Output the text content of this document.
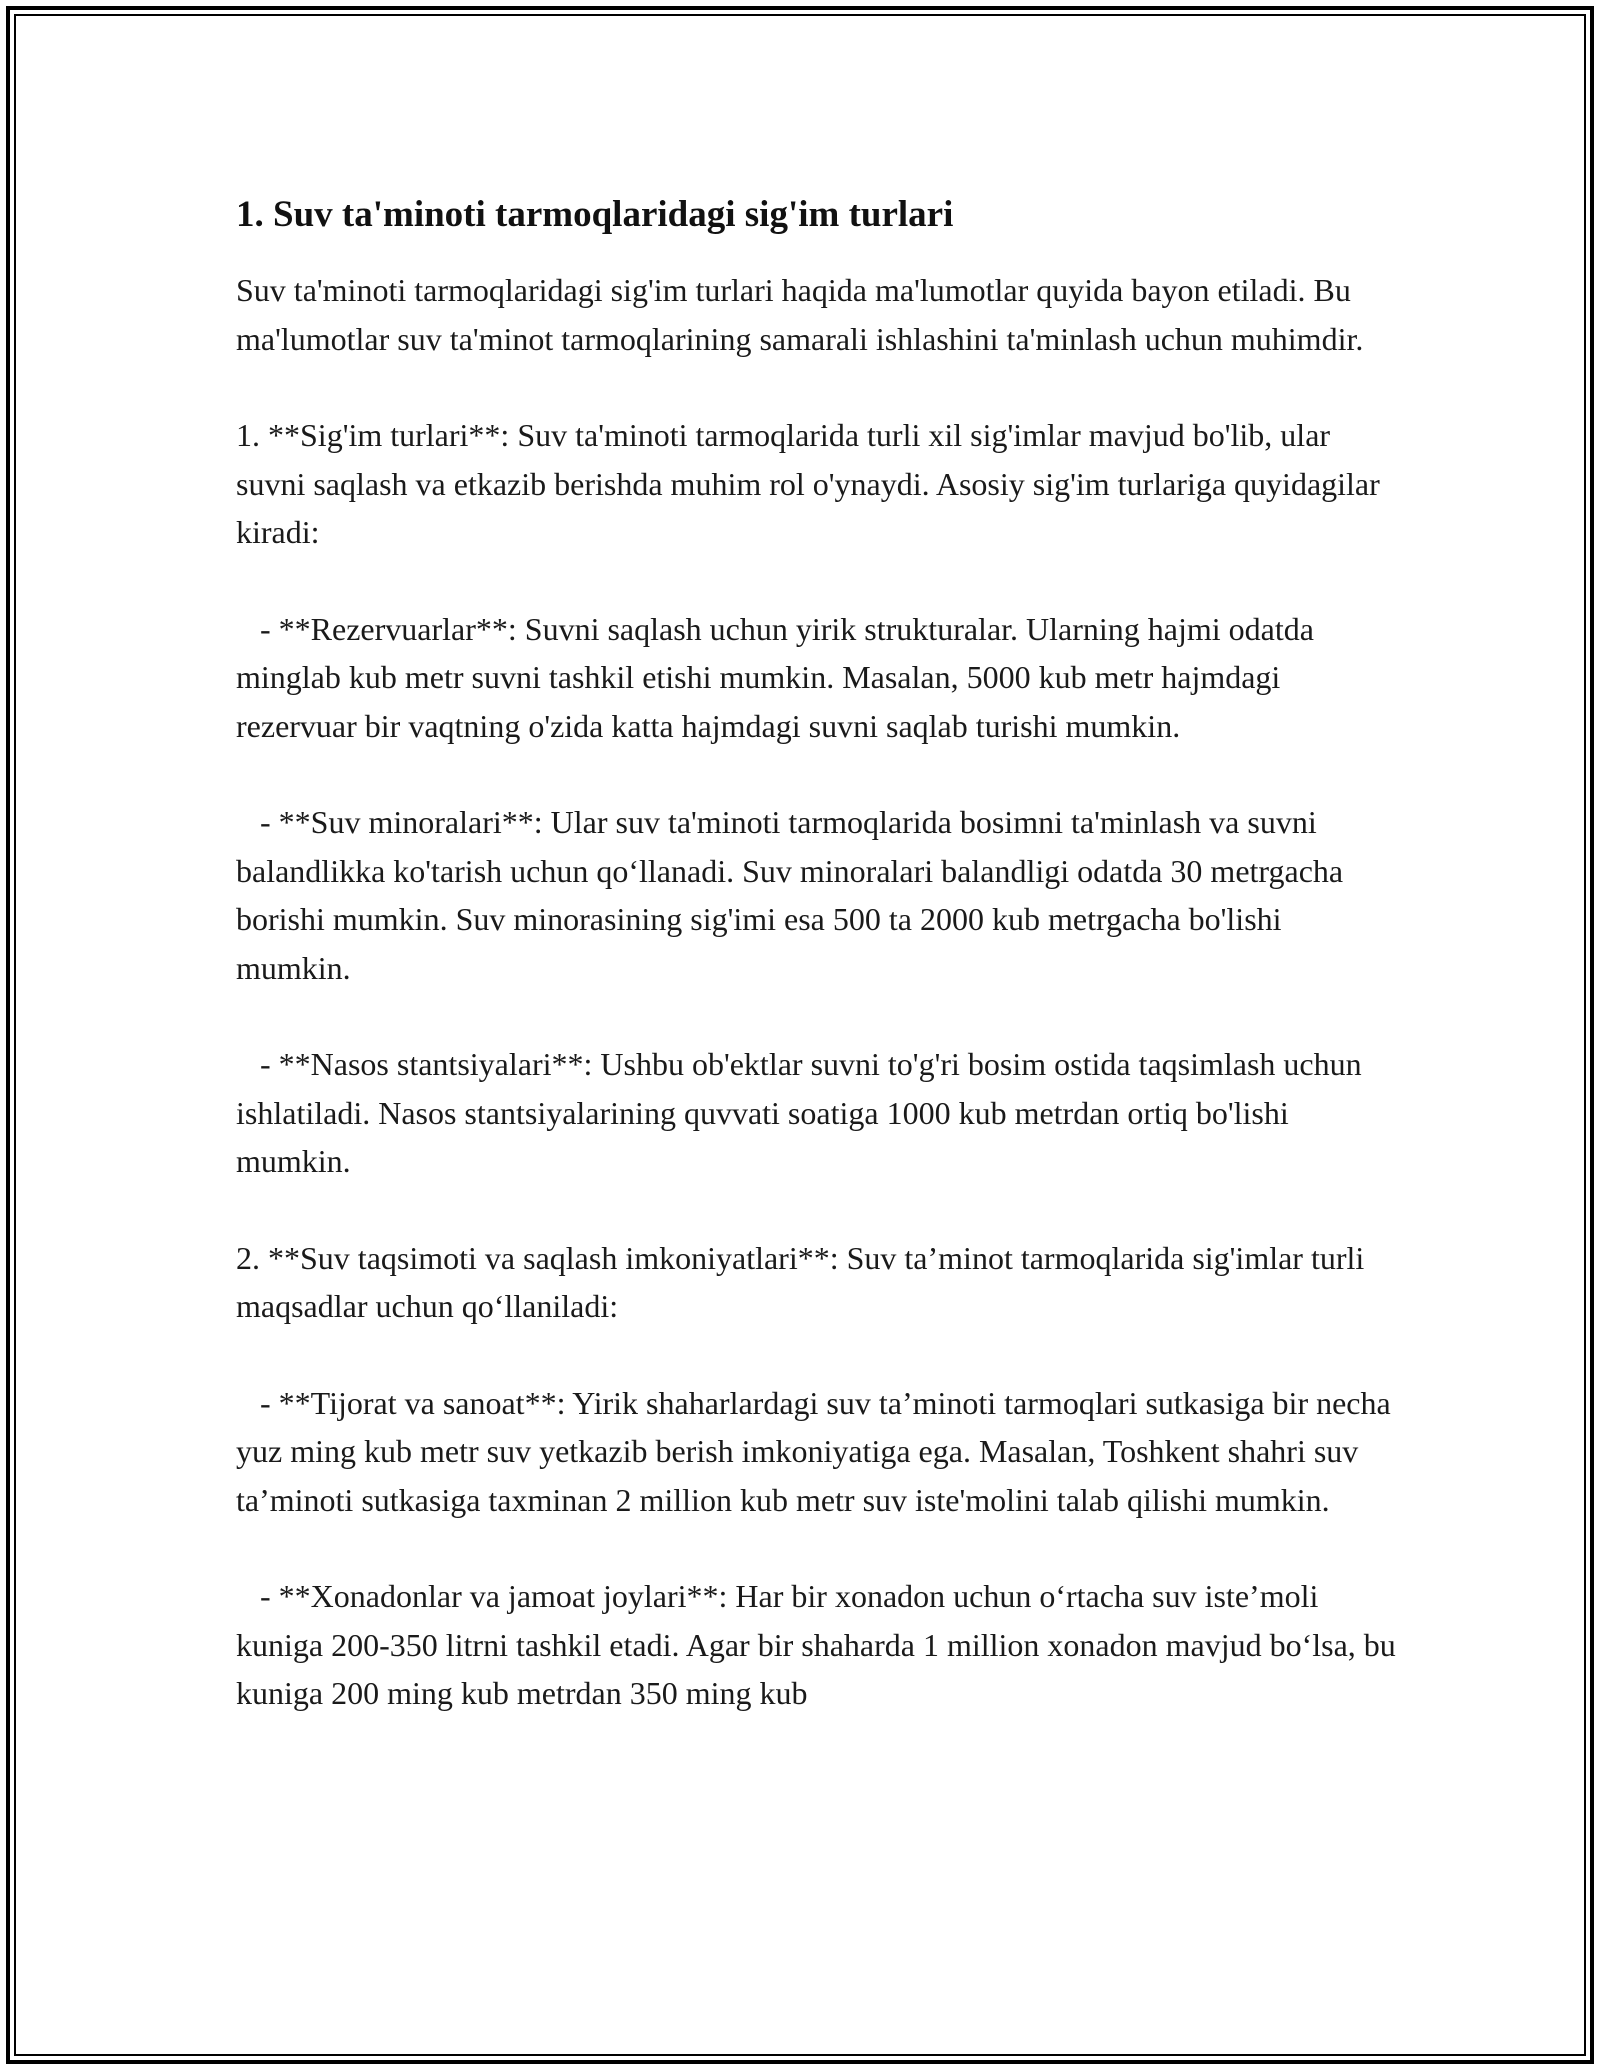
1. Suv ta'minoti tarmoqlaridagi sig'im turlari

Suv ta'minoti tarmoqlaridagi sig'im turlari haqida ma'lumotlar quyida bayon etiladi. Bu ma'lumotlar suv ta'minot tarmoqlarining samarali ishlashini ta'minlash uchun muhimdir.

1. **Sig'im turlari**: Suv ta'minoti tarmoqlarida turli xil sig'imlar mavjud bo'lib, ular suvni saqlash va etkazib berishda muhim rol o'ynaydi. Asosiy sig'im turlariga quyidagilar kiradi:

- **Rezervuarlar**: Suvni saqlash uchun yirik strukturalar. Ularning hajmi odatda minglab kub metr suvni tashkil etishi mumkin. Masalan, 5000 kub metr hajmdagi rezervuar bir vaqtning o'zida katta hajmdagi suvni saqlab turishi mumkin.

- **Suv minoralari**: Ular suv ta'minoti tarmoqlarida bosimni ta'minlash va suvni balandlikka ko'tarish uchun qo‘llanadi. Suv minoralari balandligi odatda 30 metrgacha borishi mumkin. Suv minorasining sig'imi esa 500 ta 2000 kub metrgacha bo'lishi mumkin.

- **Nasos stantsiyalari**: Ushbu ob'ektlar suvni to'g'ri bosim ostida taqsimlash uchun ishlatiladi. Nasos stantsiyalarining quvvati soatiga 1000 kub metrdan ortiq bo'lishi mumkin.

2. **Suv taqsimoti va saqlash imkoniyatlari**: Suv ta’minot tarmoqlarida sig'imlar turli maqsadlar uchun qo‘llaniladi:

- **Tijorat va sanoat**: Yirik shaharlardagi suv ta’minoti tarmoqlari sutkasiga bir necha yuz ming kub metr suv yetkazib berish imkoniyatiga ega. Masalan, Toshkent shahri suv ta’minoti sutkasiga taxminan 2 million kub metr suv iste'molini talab qilishi mumkin.

- **Xonadonlar va jamoat joylari**: Har bir xonadon uchun o‘rtacha suv iste’moli kuniga 200-350 litrni tashkil etadi. Agar bir shaharda 1 million xonadon mavjud bo‘lsa, bu kuniga 200 ming kub metrdan 350 ming kub
